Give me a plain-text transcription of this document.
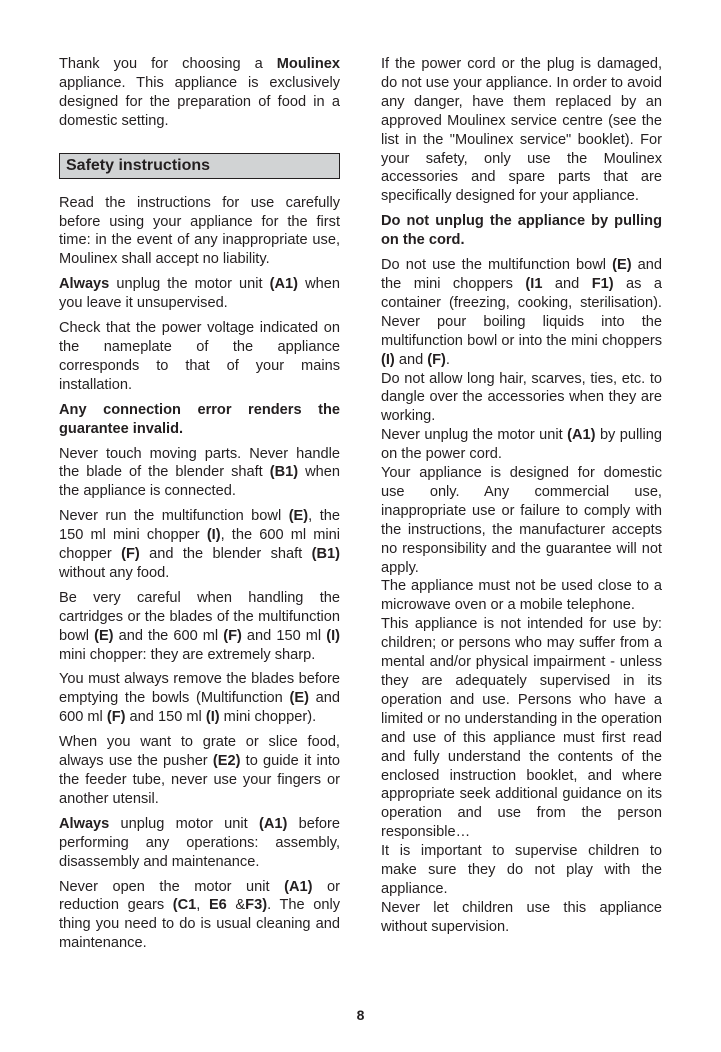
Thank you for choosing a Moulinex appliance. This appliance is exclusively designed for the preparation of food in a domestic setting.

Safety instructions

Read the instructions for use carefully before using your appliance for the first time: in the event of any inappropriate use, Moulinex shall accept no liability.

Always unplug the motor unit (A1) when you leave it unsupervised.

Check that the power voltage indicated on the nameplate of the appliance corresponds to that of your mains installation.

Any connection error renders the guarantee invalid.

Never touch moving parts. Never handle the blade of the blender shaft (B1) when the appliance is connected.

Never run the multifunction bowl (E), the 150 ml mini chopper (I), the 600 ml mini chopper (F) and the blender shaft (B1) without any food.

Be very careful when handling the cartridges or the blades of the multifunction bowl (E) and the 600 ml (F) and 150 ml (I) mini chopper: they are extremely sharp.

You must always remove the blades before emptying the bowls (Multifunction (E) and 600 ml (F) and 150 ml (I) mini chopper).

When you want to grate or slice food, always use the pusher (E2) to guide it into the feeder tube, never use your fingers or another utensil.

Always unplug motor unit (A1) before performing any operations: assembly, disassembly and maintenance.

Never open the motor unit (A1) or reduction gears (C1, E6 &F3). The only thing you need to do is usual cleaning and maintenance.

If the power cord or the plug is damaged, do not use your appliance. In order to avoid any danger, have them replaced by an approved Moulinex service centre (see the list in the "Moulinex service" booklet). For your safety, only use the Moulinex accessories and spare parts that are specifically designed for your appliance.

Do not unplug the appliance by pulling on the cord.

Do not use the multifunction bowl (E) and the mini choppers (I1 and F1) as a container (freezing, cooking, sterilisation). Never pour boiling liquids into the multifunction bowl or into the mini choppers (I) and (F).

Do not allow long hair, scarves, ties, etc. to dangle over the accessories when they are working.

Never unplug the motor unit (A1) by pulling on the power cord.

Your appliance is designed for domestic use only. Any commercial use, inappropriate use or failure to comply with the instructions, the manufacturer accepts no responsibility and the guarantee will not apply.

The appliance must not be used close to a microwave oven or a mobile telephone.

This appliance is not intended for use by: children; or persons who may suffer from a mental and/or physical impairment - unless they are adequately supervised in its operation and use. Persons who have a limited or no understanding in the operation and use of this appliance must first read and fully understand the contents of the enclosed instruction booklet, and where appropriate seek additional guidance on its operation and use from the person responsible…

It is important to supervise children to make sure they do not play with the appliance.

Never let children use this appliance without supervision.

8
